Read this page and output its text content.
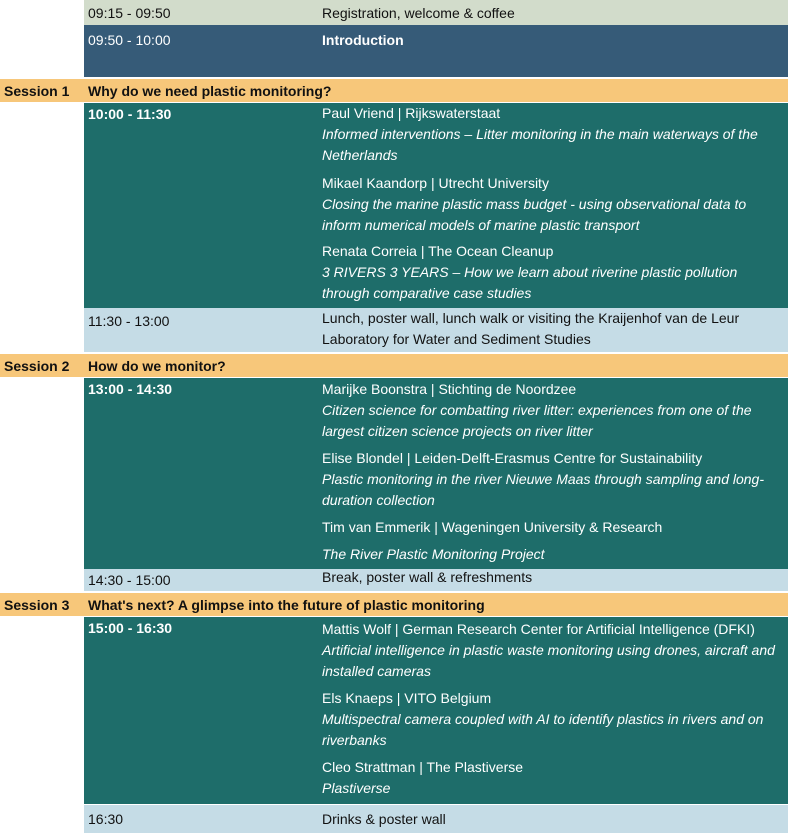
09:15 - 09:50	Registration, welcome & coffee
09:50 - 10:00	Introduction
Session 1 Why do we need plastic monitoring?
10:00 - 11:30	Paul Vriend | Rijkswaterstaat
Informed interventions – Litter monitoring in the main waterways of the Netherlands
Mikael Kaandorp | Utrecht University
Closing the marine plastic mass budget - using observational data to inform numerical models of marine plastic transport
Renata Correia | The Ocean Cleanup
3 RIVERS 3 YEARS – How we learn about riverine plastic pollution through comparative case studies
11:30 - 13:00	Lunch, poster wall, lunch walk or visiting the Kraijenhof van de Leur Laboratory for Water and Sediment Studies
Session 2 How do we monitor?
13:00 - 14:30	Marijke Boonstra | Stichting de Noordzee
Citizen science for combatting river litter: experiences from one of the largest citizen science projects on river litter
Elise Blondel | Leiden-Delft-Erasmus Centre for Sustainability
Plastic monitoring in the river Nieuwe Maas through sampling and long-duration collection
Tim van Emmerik | Wageningen University & Research
The River Plastic Monitoring Project
14:30 - 15:00	Break, poster wall & refreshments
Session 3 What's next? A glimpse into the future of plastic monitoring
15:00 - 16:30	Mattis Wolf | German Research Center for Artificial Intelligence (DFKI)
Artificial intelligence in plastic waste monitoring using drones, aircraft and installed cameras
Els Knaeps | VITO Belgium
Multispectral camera coupled with AI to identify plastics in rivers and on riverbanks
Cleo Strattman | The Plastiverse
Plastiverse
16:30	Drinks & poster wall
